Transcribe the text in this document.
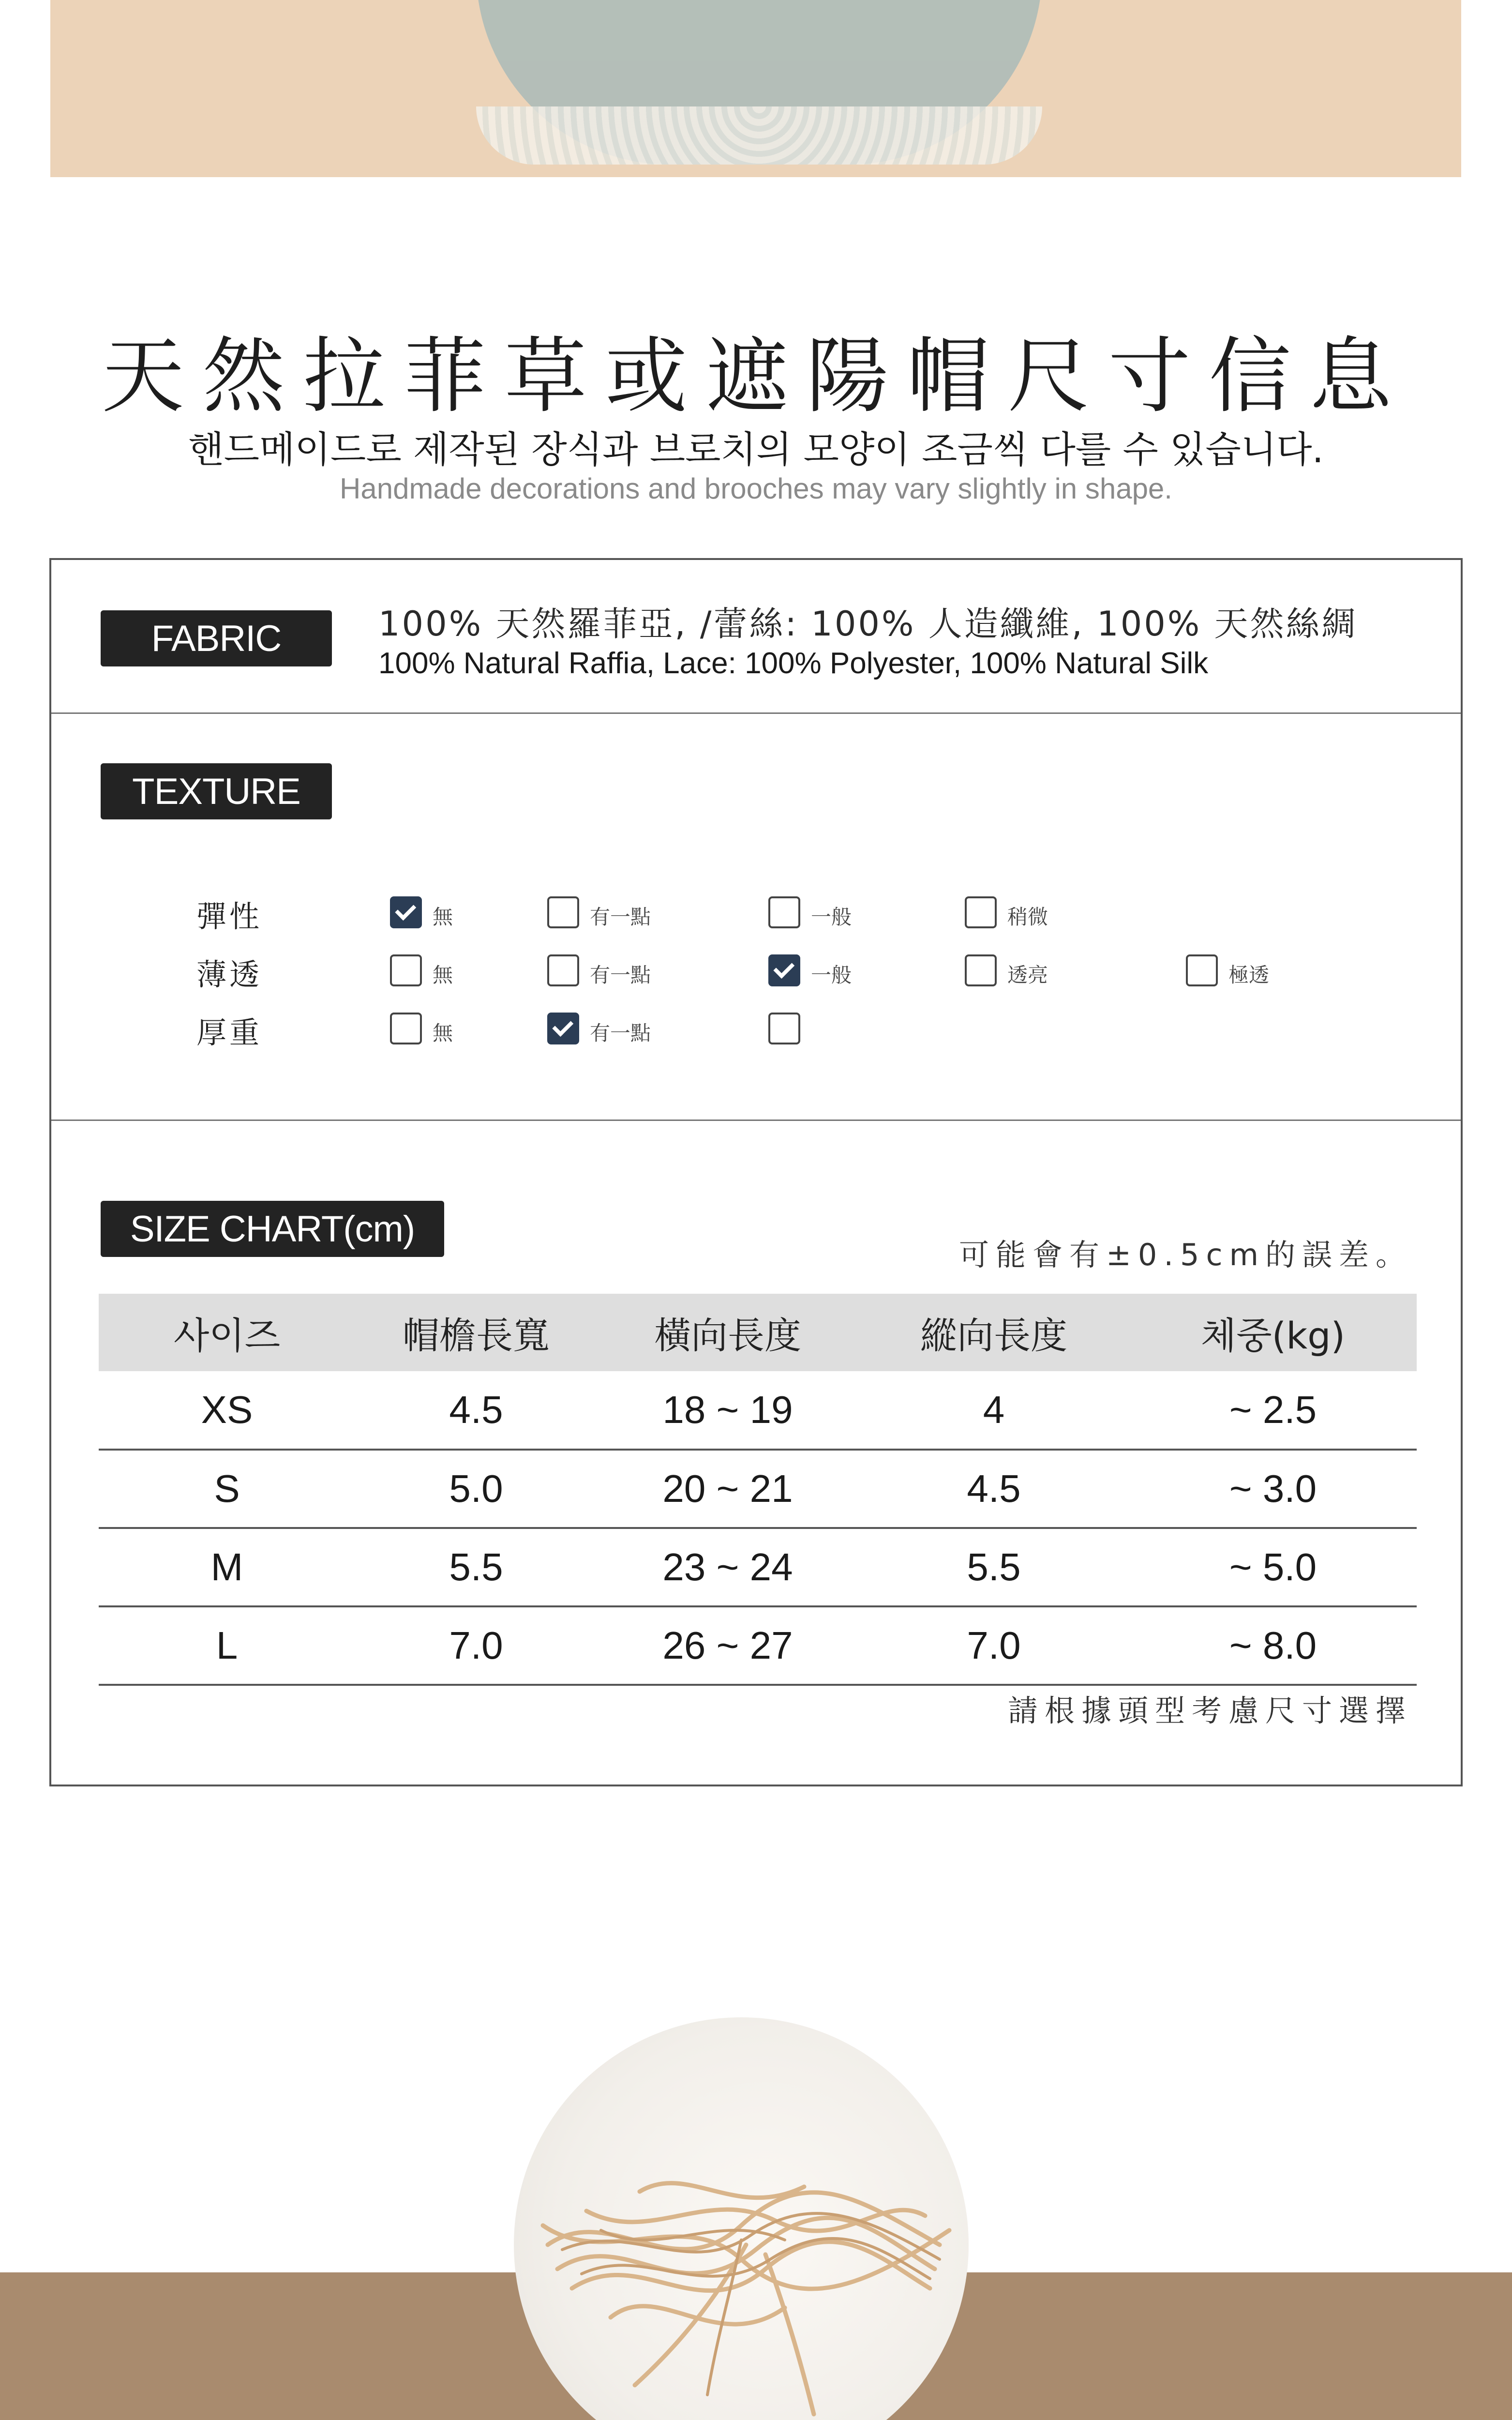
天然拉菲草或遮陽帽尺寸信息
핸드메이드로 제작된 장식과 브로치의 모양이 조금씩 다를 수 있습니다.
Handmade decorations and brooches may vary slightly in shape.
FABRIC	100% 天然羅菲亞, /蕾絲: 100% 人造纖維, 100% 天然絲綢
100% Natural Raffia, Lace: 100% Polyester, 100% Natural Silk
TEXTURE
彈性	無	有一點	一般	稍微
薄透	無	有一點	一般	透亮	極透
厚重	無	有一點
SIZE CHART(cm)
可能會有±0.5cm的誤差。
사이즈	帽檐長寬	橫向長度	縱向長度	체중(kg)
XS	4.5	18 ~ 19	4	~ 2.5
S	5.0	20 ~ 21	4.5	~ 3.0
M	5.5	23 ~ 24	5.5	~ 5.0
L	7.0	26 ~ 27	7.0	~ 8.0
請根據頭型考慮尺寸選擇
